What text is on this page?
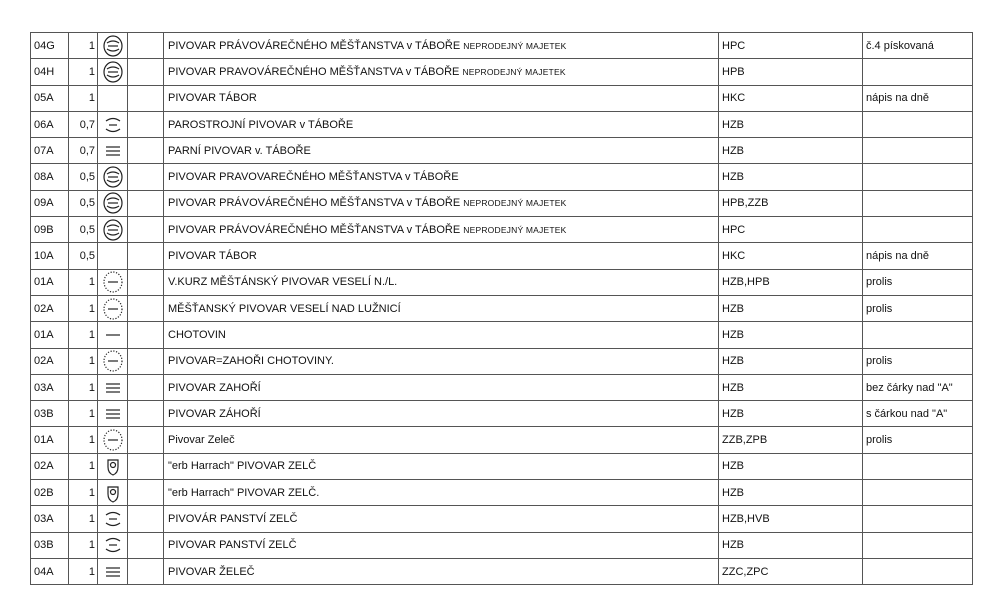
04G	1			PIVOVAR PRÁVOVÁREČNÉHO MĚŠŤANSTVA v TÁBOŘE NEPRODEJNÝ MAJETEK	HPC	č.4 pískovaná
04H	1			PIVOVAR PRAVOVÁREČNÉHO MĚŠŤANSTVA v TÁBOŘE NEPRODEJNÝ MAJETEK	HPB	
05A	1			PIVOVAR TÁBOR	HKC	nápis na dně
06A	0,7			PAROSTROJNÍ PIVOVAR v TÁBOŘE	HZB	
07A	0,7			PARNÍ PIVOVAR v. TÁBOŘE	HZB	
08A	0,5			PIVOVAR PRAVOVAREČNÉHO MĚŠŤANSTVA v TÁBOŘE	HZB	
09A	0,5			PIVOVAR PRÁVOVÁREČNÉHO MĚŠŤANSTVA v TÁBOŘE NEPRODEJNÝ MAJETEK	HPB,ZZB	
09B	0,5			PIVOVAR PRÁVOVÁREČNÉHO MĚŠŤANSTVA v TÁBOŘE NEPRODEJNÝ MAJETEK	HPC	
10A	0,5			PIVOVAR TÁBOR	HKC	nápis na dně
01A	1			V.KURZ MĚŠTÁNSKÝ PIVOVAR VESELÍ N./L.	HZB,HPB	prolis
02A	1			MĚŠŤANSKÝ PIVOVAR VESELÍ NAD LUŽNICÍ	HZB	prolis
01A	1			CHOTOVIN	HZB	
02A	1			PIVOVAR=ZAHOŘI CHOTOVINY.	HZB	prolis
03A	1			PIVOVAR ZAHOŘÍ	HZB	bez čárky nad "A"
03B	1			PIVOVAR ZÁHOŘÍ	HZB	s čárkou nad "A"
01A	1			Pivovar Zeleč	ZZB,ZPB	prolis
02A	1			"erb Harrach" PIVOVAR ZELČ	HZB	
02B	1			"erb Harrach" PIVOVAR ZELČ.	HZB	
03A	1			PIVOVÁR PANSTVÍ ZELČ	HZB,HVB	
03B	1			PIVOVAR PANSTVÍ ZELČ	HZB	
04A	1			PIVOVAR ŽELEČ	ZZC,ZPC	
